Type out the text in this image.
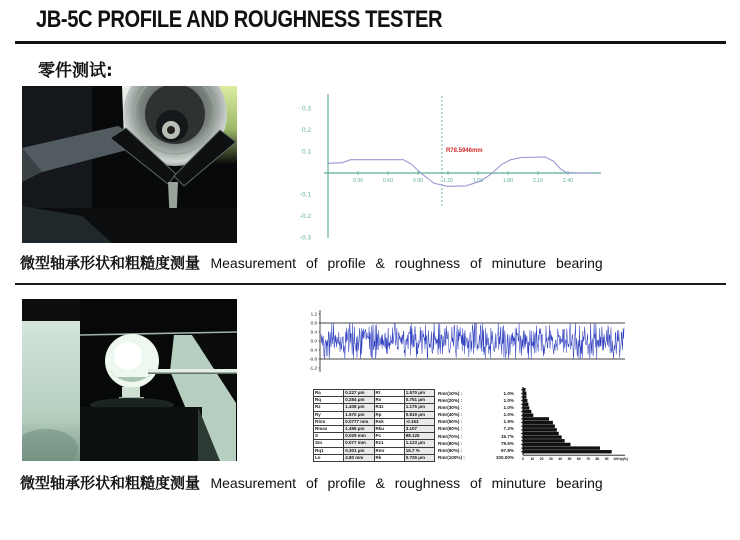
JB-5C PROFILE AND ROUGHNESS TESTER
零件测试:
0.3
0.2
0.1
-0.1
-0.2
-0.3
0.30	0.60	0.90	1.20	1.50	1.80	2.10	2.40
R78.5946mm

微型轴承形状和粗糙度测量 Measurement of profile & roughness of minuture bearing

1.2
0.8
0.4
0.0
-0.4
-0.8
-1.2
Ra	0.227 μm	Rt	1.570 μm
Rq	0.284 μm	Rv	0.751 μm
Rz	1.408 μm	R3z	1.175 μm
Ry	1.570 μm	Rp	0.819 μm
RSm	0.0777 mm	Rsk	-0.163
Rmax	1.496 μm	Rku	3.107
S	0.029 mm	Pc	98.125
Sm	0.077 mm	Rz1	1.123 μm
Rq1	0.301 μm	Rmr	15.7 %
Lo	4.80 mm	Rk	0.725 μm
Rmr(10%) :	1.0%
Rmr(20%) :	1.0%
Rmr(30%) :	1.0%
Rmr(40%) :	1.0%
Rmr(50%) :	1.9%
Rmr(60%) :	7.2%
Rmr(70%) :	15.7%
Rmr(80%) :	79.5%
Rmr(90%) :	97.8%
Rmr(100%) :	100.00% 0 10 20 30 40 50 60 70 80 90 100 tp(%)

微型轴承形状和粗糙度测量 Measurement of profile & roughness of minuture bearing
